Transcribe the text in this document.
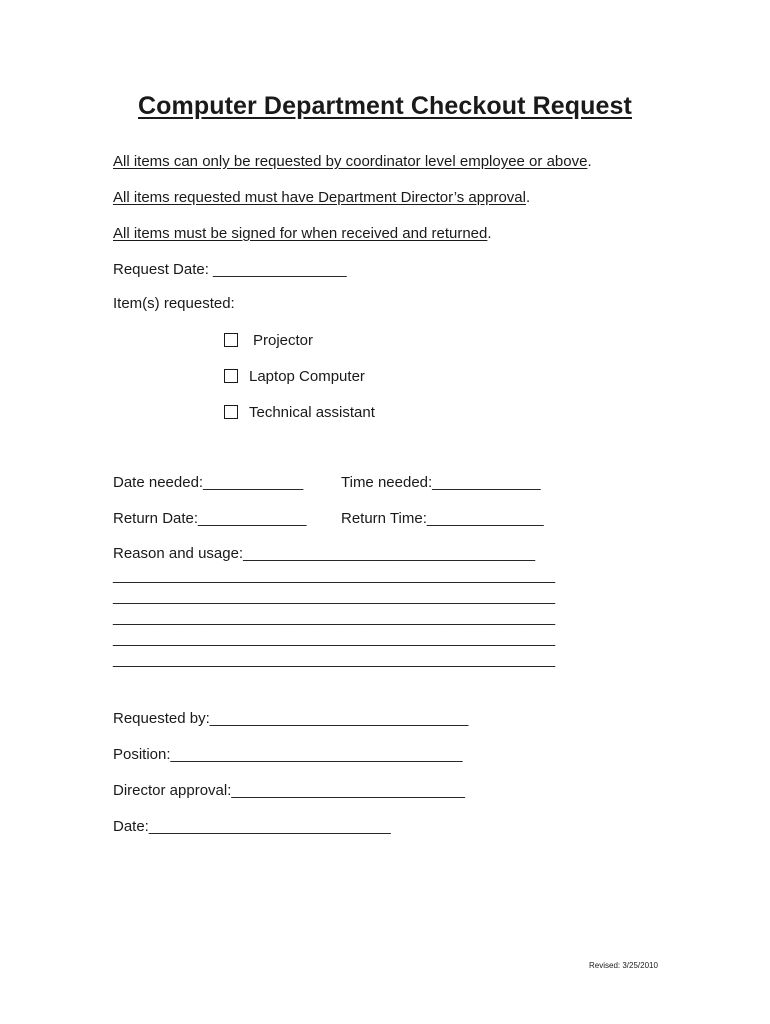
Computer Department Checkout Request
All items can only be requested by coordinator level employee or above.
All items requested must have Department Director’s approval.
All items must be signed for when received and returned.
Request Date: ________________
Item(s) requested:
Projector
Laptop Computer
Technical assistant
Date needed:____________	Time needed:_____________
Return Date:_____________ Return Time:______________
Reason and usage:___________________________________
_____________________________________________________
_____________________________________________________
_____________________________________________________
_____________________________________________________
_____________________________________________________
Requested by:_______________________________
Position:___________________________________
Director approval:____________________________
Date:_____________________________
Revised: 3/25/2010
